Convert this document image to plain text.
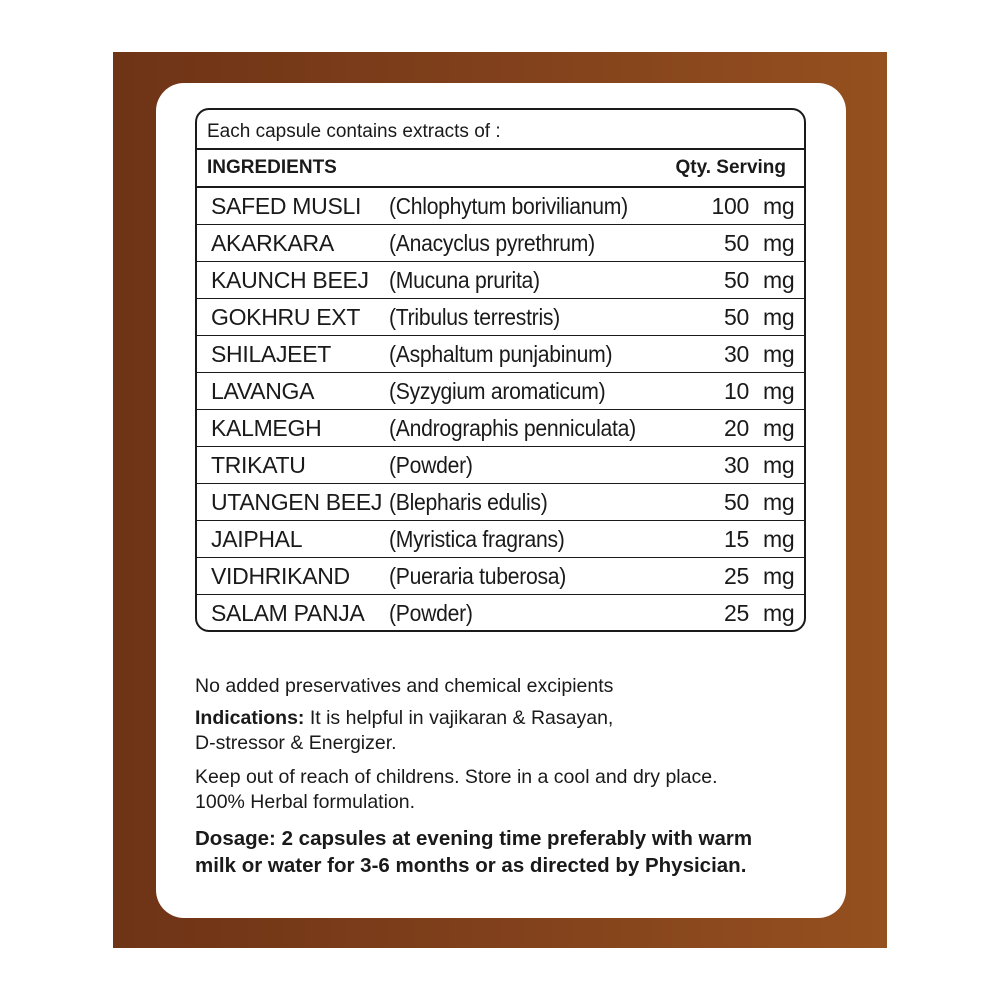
Each capsule contains extracts of :
INGREDIENTS	Qty. Serving
SAFED MUSLI	(Chlophytum borivilianum)	100 mg
AKARKARA	(Anacyclus pyrethrum)	50 mg
KAUNCH BEEJ (Mucuna prurita)	50 mg
GOKHRU EXT	(Tribulus terrestris)	50 mg
SHILAJEET	(Asphaltum punjabinum)	30 mg
LAVANGA	(Syzygium aromaticum)	10 mg
KALMEGH	(Andrographis penniculata)	20 mg
TRIKATU	(Powder)	30 mg
UTANGEN BEEJ (Blepharis edulis)	50 mg
JAIPHAL	(Myristica fragrans)	15 mg
VIDHRIKAND	(Pueraria tuberosa)	25 mg
SALAM PANJA	(Powder)	25 mg

No added preservatives and chemical excipients

Indications: It is helpful in vajikaran & Rasayan,
D-stressor & Energizer.

Keep out of reach of childrens. Store in a cool and dry place.
100% Herbal formulation.

Dosage: 2 capsules at evening time preferably with warm
milk or water for 3-6 months or as directed by Physician.
